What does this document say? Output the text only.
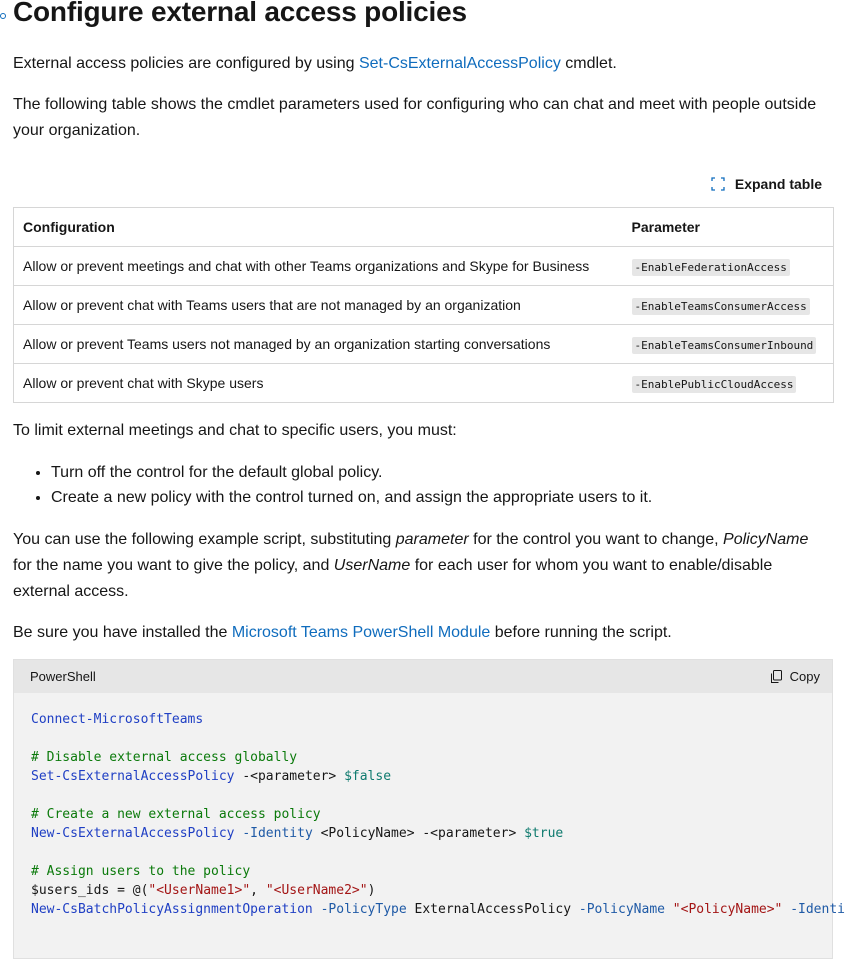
Configure external access policies

External access policies are configured by using Set-CsExternalAccessPolicy cmdlet.

The following table shows the cmdlet parameters used for configuring who can chat and meet with people outside your organization.

Expand table
Configuration	Parameter
Allow or prevent meetings and chat with other Teams organizations and Skype for Business	-EnableFederationAccess
Allow or prevent chat with Teams users that are not managed by an organization	-EnableTeamsConsumerAccess
Allow or prevent Teams users not managed by an organization starting conversations	-EnableTeamsConsumerInbound
Allow or prevent chat with Skype users	-EnablePublicCloudAccess

To limit external meetings and chat to specific users, you must:

• Turn off the control for the default global policy.
• Create a new policy with the control turned on, and assign the appropriate users to it.

You can use the following example script, substituting parameter for the control you want to change, PolicyName for the name you want to give the policy, and UserName for each user for whom you want to enable/disable external access.

Be sure you have installed the Microsoft Teams PowerShell Module before running the script.

PowerShell	Copy
Connect-MicrosoftTeams
# Disable external access globally
Set-CsExternalAccessPolicy -<parameter> $false
# Create a new external access policy
New-CsExternalAccessPolicy -Identity <PolicyName> -<parameter> $true
# Assign users to the policy
$users_ids = @("<UserName1>", "<UserName2>")
New-CsBatchPolicyAssignmentOperation -PolicyType ExternalAccessPolicy -PolicyName "<PolicyName>" -Identi
